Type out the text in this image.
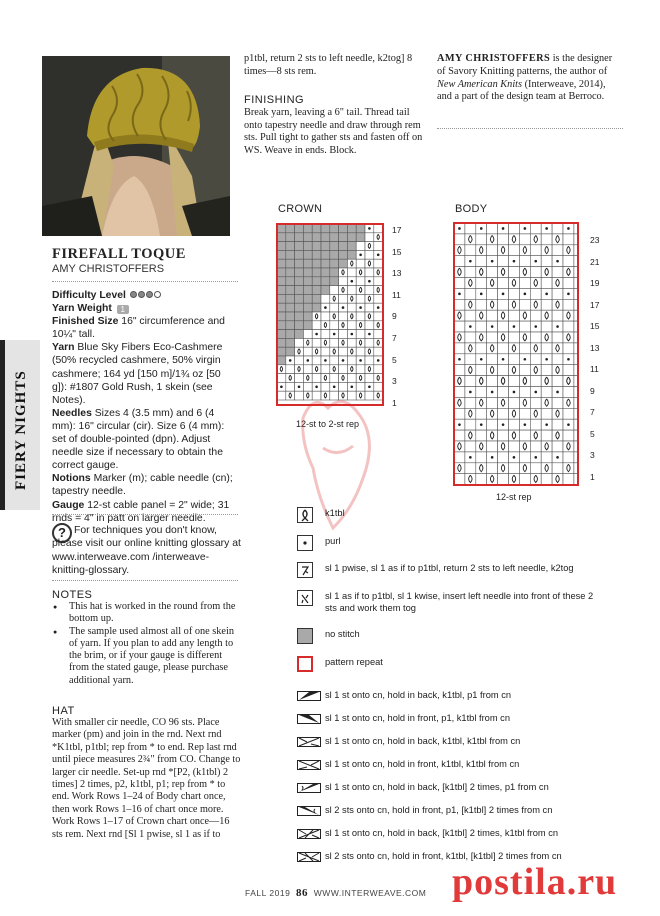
FIERY NIGHTS
FIREFALL TOQUE
AMY CHRISTOFFERS
Difficulty Level
Yarn Weight 1
Finished Size 16" circumference and 10¼" tall.
Yarn Blue Sky Fibers Eco-Cashmere (50% recycled cashmere, 50% virgin cashmere; 164 yd [150 m]/1¾ oz [50 g]): #1807 Gold Rush, 1 skein (see Notes).
Needles Sizes 4 (3.5 mm) and 6 (4 mm): 16" circular (cir). Size 6 (4 mm): set of double-pointed (dpn). Adjust needle size if necessary to obtain the correct gauge.
Notions Marker (m); cable needle (cn); tapestry needle.
Gauge 12-st cable panel = 2" wide; 31 rnds = 4" in patt on larger needle.
? For techniques you don't know, please visit our online knitting glossary at www.interweave.com /interweave-knitting-glossary.
NOTES
● This hat is worked in the round from the bottom up.
● The sample used almost all of one skein of yarn. If you plan to add any length to the brim, or if your gauge is different from the stated gauge, please purchase additional yarn.
HAT
With smaller cir needle, CO 96 sts. Place marker (pm) and join in the rnd. Next rnd *K1tbl, p1tbl; rep from * to end. Rep last rnd until piece measures 2¾" from CO. Change to larger cir needle. Set-up rnd *[P2, (k1tbl) 2 times] 2 times, p2, k1tbl, p1; rep from * to end. Work Rows 1–24 of Body chart once, then work Rows 1–16 of chart once more. Work Rows 1–17 of Crown chart once—16 sts rem. Next rnd [Sl 1 pwise, sl 1 as if to
p1tbl, return 2 sts to left needle, k2tog] 8 times—8 sts rem.
FINISHING
Break yarn, leaving a 6" tail. Thread tail onto tapestry needle and draw through rem sts. Pull tight to gather sts and fasten off on WS. Weave in ends. Block.
AMY CHRISTOFFERS is the designer of Savory Knitting patterns, the author of New American Knits (Interweave, 2014), and a part of the design team at Berroco.
CROWN	BODY
17
15
13
11
9
7
5
3
1
12-st to 2-st rep
23
21
19
17
15
13
11
9
7
5
3
1
12-st rep
k1tbl
purl
sl 1 pwise, sl 1 as if to p1tbl, return 2 sts to left needle, k2tog
sl 1 as if to p1tbl, sl 1 kwise, insert left needle into front of these 2 sts and work them tog
no stitch
pattern repeat
sl 1 st onto cn, hold in back, k1tbl, p1 from cn
sl 1 st onto cn, hold in front, p1, k1tbl from cn
sl 1 st onto cn, hold in back, k1tbl, k1tbl from cn
sl 1 st onto cn, hold in front, k1tbl, k1tbl from cn
sl 1 st onto cn, hold in back, [k1tbl] 2 times, p1 from cn
sl 2 sts onto cn, hold in front, p1, [k1tbl] 2 times from cn
sl 1 st onto cn, hold in back, [k1tbl] 2 times, k1tbl from cn
sl 2 sts onto cn, hold in front, k1tbl, [k1tbl] 2 times from cn
FALL 2019 86 WWW.INTERWEAVE.COM postila.ru
